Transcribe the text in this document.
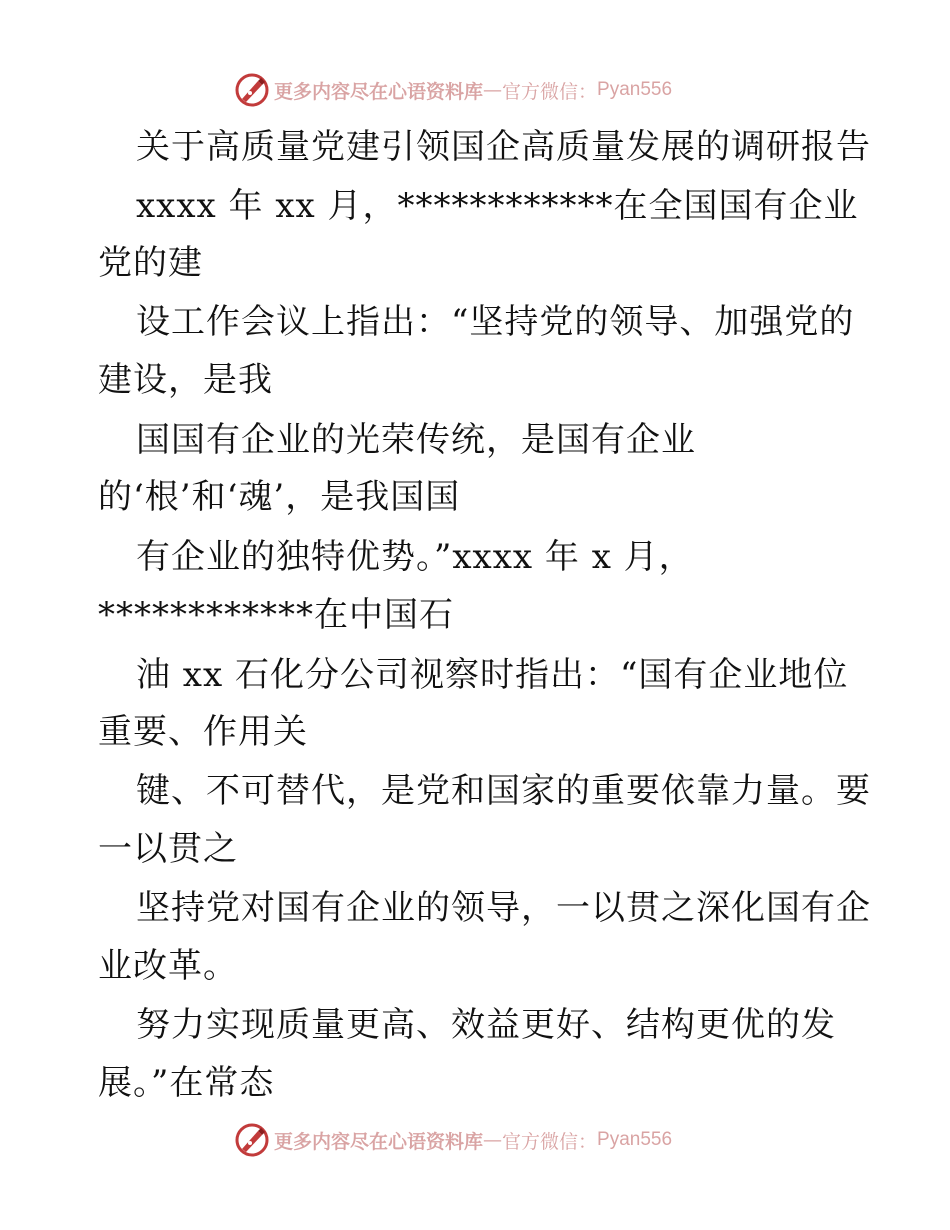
更多内容尽在心语资料库 — 官方微信： Pyan556
关于高质量党建引领国企高质量发展的调研报告
xxxx 年 xx 月，************在全国国有企业
党的建
设工作会议上指出：“坚持党的领导、加强党的
建设，是我
国国有企业的光荣传统，是国有企业
的‘根’和‘魂’，是我国国
有企业的独特优势。”xxxx 年 x 月，
************在中国石
油 xx 石化分公司视察时指出：“国有企业地位
重要、作用关
键、不可替代，是党和国家的重要依靠力量。要
一以贯之
坚持党对国有企业的领导，一以贯之深化国有企
业改革。
努力实现质量更高、效益更好、结构更优的发
展。”在常态
更多内容尽在心语资料库 — 官方微信： Pyan556
